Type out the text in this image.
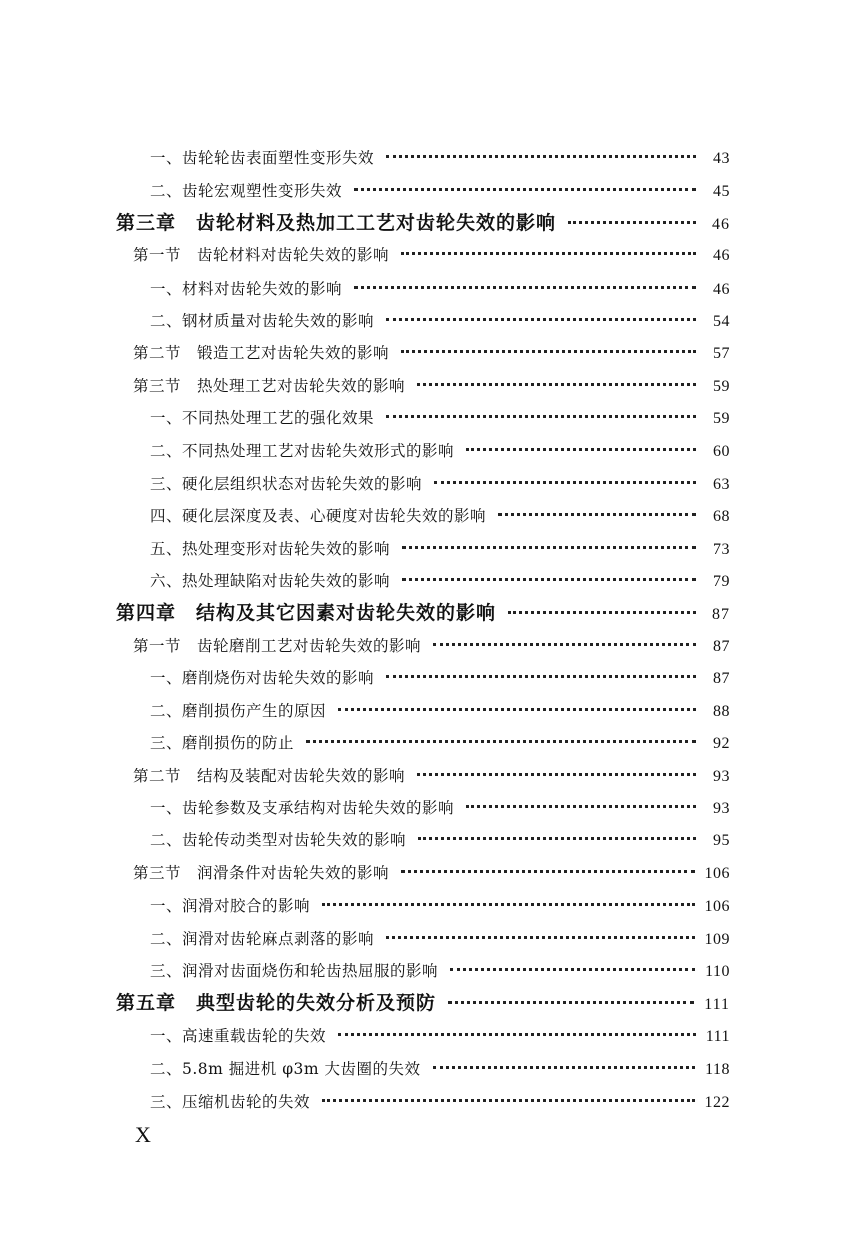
一、齿轮轮齿表面塑性变形失效	43
二、齿轮宏观塑性变形失效	45
第三章　齿轮材料及热加工工艺对齿轮失效的影响	46
第一节　齿轮材料对齿轮失效的影响	46
一、材料对齿轮失效的影响	46
二、钢材质量对齿轮失效的影响	54
第二节　锻造工艺对齿轮失效的影响	57
第三节　热处理工艺对齿轮失效的影响	59
一、不同热处理工艺的强化效果	59
二、不同热处理工艺对齿轮失效形式的影响	60
三、硬化层组织状态对齿轮失效的影响	63
四、硬化层深度及表、心硬度对齿轮失效的影响	68
五、热处理变形对齿轮失效的影响	73
六、热处理缺陷对齿轮失效的影响	79
第四章　结构及其它因素对齿轮失效的影响	87
第一节　齿轮磨削工艺对齿轮失效的影响	87
一、磨削烧伤对齿轮失效的影响	87
二、磨削损伤产生的原因	88
三、磨削损伤的防止	92
第二节　结构及装配对齿轮失效的影响	93
一、齿轮参数及支承结构对齿轮失效的影响	93
二、齿轮传动类型对齿轮失效的影响	95
第三节　润滑条件对齿轮失效的影响	106
一、润滑对胶合的影响	106
二、润滑对齿轮麻点剥落的影响	109
三、润滑对齿面烧伤和轮齿热屈服的影响	110
第五章　典型齿轮的失效分析及预防	111
一、高速重载齿轮的失效	111
二、5.8m 掘进机 φ3m 大齿圈的失效	118
三、压缩机齿轮的失效	122
X
